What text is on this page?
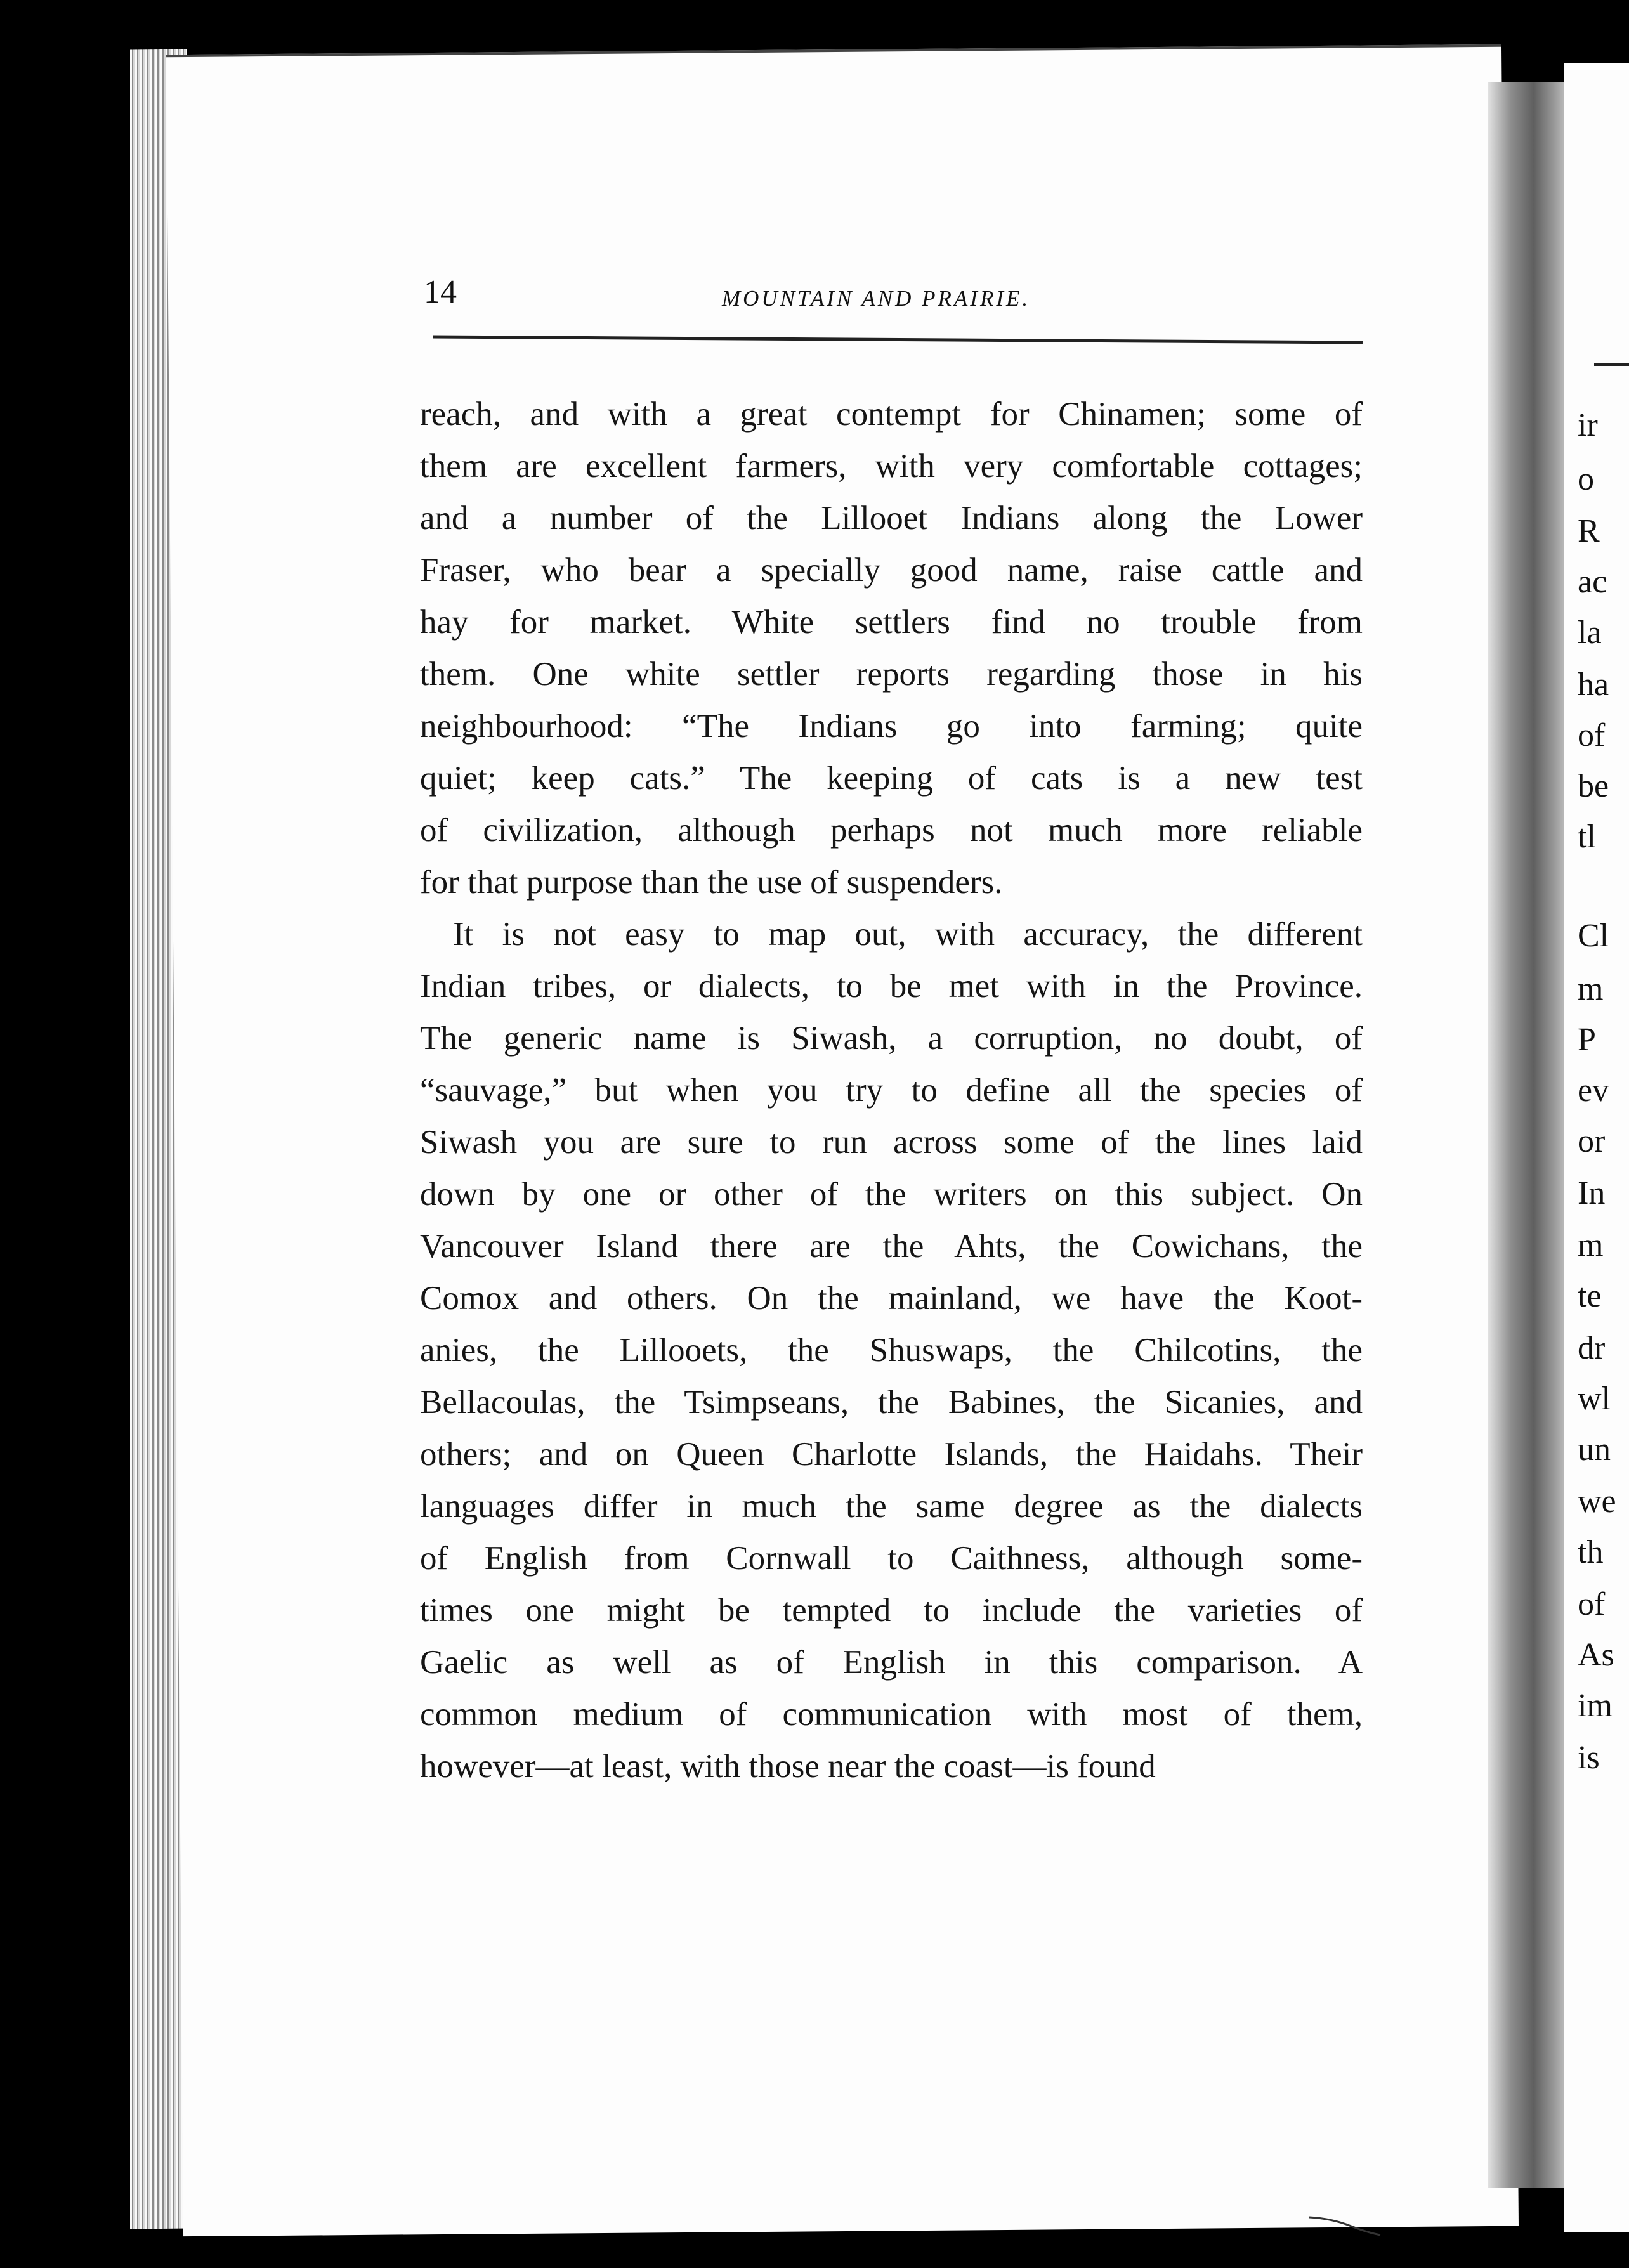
ir
o
R
ac
la
ha
of
be
tl
Cl
m
P
ev
or
In
m
te
dr
wl
un
we
th
of
As
im
is
14	MOUNTAIN AND PRAIRIE.

reach, and with a great contempt for Chinamen; some of
them are excellent farmers, with very comfortable cottages;
and a number of the Lillooet Indians along the Lower
Fraser, who bear a specially good name, raise cattle and
hay for market. White settlers find no trouble from
them. One white settler reports regarding those in his
neighbourhood: “The Indians go into farming; quite
quiet; keep cats.” The keeping of cats is a new test
of civilization, although perhaps not much more reliable
for that purpose than the use of suspenders.

It is not easy to map out, with accuracy, the different
Indian tribes, or dialects, to be met with in the Province.
The generic name is Siwash, a corruption, no doubt, of
“sauvage,” but when you try to define all the species of
Siwash you are sure to run across some of the lines laid
down by one or other of the writers on this subject. On
Vancouver Island there are the Ahts, the Cowichans, the
Comox and others. On the mainland, we have the Koot-
anies, the Lillooets, the Shuswaps, the Chilcotins, the
Bellacoulas, the Tsimpseans, the Babines, the Sicanies, and
others; and on Queen Charlotte Islands, the Haidahs. Their
languages differ in much the same degree as the dialects
of English from Cornwall to Caithness, although some-
times one might be tempted to include the varieties of
Gaelic as well as of English in this comparison. A
common medium of communication with most of them,
however—at least, with those near the coast—is found
